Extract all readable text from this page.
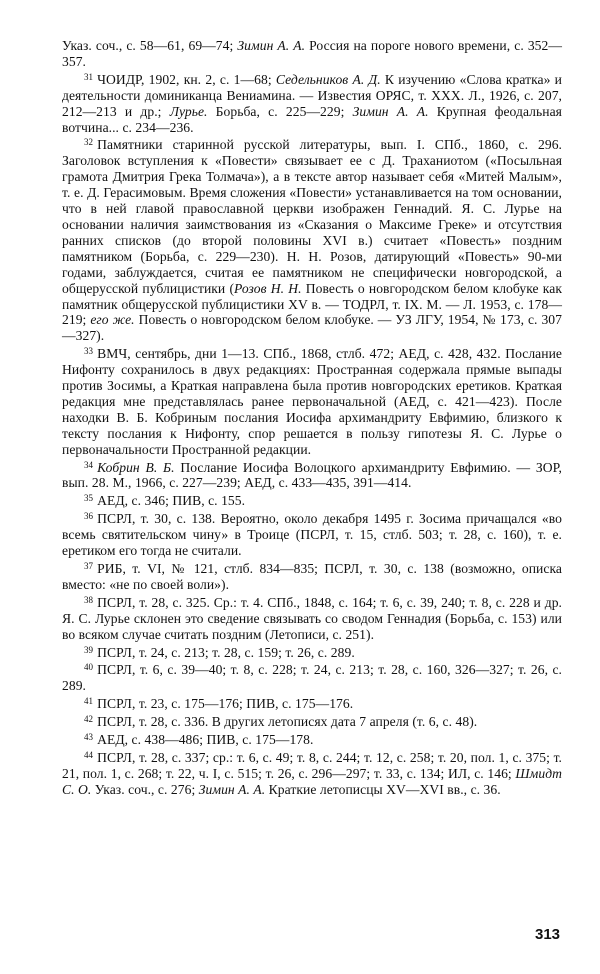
Указ. соч., с. 58—61, 69—74; Зимин А. А. Россия на пороге нового времени, с. 352—357.

$^{31}$ ЧОИДР, 1902, кн. 2, с. 1—68; Седельников А. Д. К изучению «Слова кратка» и деятельности доминиканца Вениамина. — Известия ОРЯС, т. XXX. Л., 1926, с. 207, 212—213 и др.; Лурье. Борьба, с. 225—229; Зимин А. А. Крупная феодальная вотчина... с. 234—236.

$^{32}$ Памятники старинной русской литературы, вып. I. СПб., 1860, с. 296. Заголовок вступления к «Повести» связывает ее с Д. Траханиотом («Посыльная грамота Дмитрия Грека Толмача»), а в тексте автор называет себя «Митей Малым», т. е. Д. Герасимовым. Время сложения «Повести» устанавливается на том основании, что в ней главой православной церкви изображен Геннадий. Я. С. Лурье на основании наличия заимствования из «Сказания о Максиме Греке» и отсутствия ранних списков (до второй половины XVI в.) считает «Повесть» поздним памятником (Борьба, с. 229—230). Н. Н. Розов, датирующий «Повесть» 90-ми годами, заблуждается, считая ее памятником не специфически новгородской, а общерусской публицистики (Розов Н. Н. Повесть о новгородском белом клобуке как памятник общерусской публицистики XV в. — ТОДРЛ, т. IX. М. — Л. 1953, с. 178—219; его же. Повесть о новгородском белом клобуке. — УЗ ЛГУ, 1954, № 173, с. 307—327).

$^{33}$ ВМЧ, сентябрь, дни 1—13. СПб., 1868, стлб. 472; АЕД, с. 428, 432. Послание Нифонту сохранилось в двух редакциях: Пространная содержала прямые выпады против Зосимы, а Краткая направлена была против новгородских еретиков. Краткая редакция мне представлялась ранее первоначальной (АЕД, с. 421—423). После находки В. Б. Кобриным послания Иосифа архимандриту Евфимию, близкого к тексту послания к Нифонту, спор решается в пользу гипотезы Я. С. Лурье о первоначальности Пространной редакции.

$^{34}$ Кобрин В. Б. Послание Иосифа Волоцкого архимандриту Евфимию. — ЗОР, вып. 28. М., 1966, с. 227—239; АЕД, с. 433—435, 391—414.

$^{35}$ АЕД, с. 346; ПИВ, с. 155.

$^{36}$ ПСРЛ, т. 30, с. 138. Вероятно, около декабря 1495 г. Зосима причащался «во всемь святительском чину» в Троице (ПСРЛ, т. 15, стлб. 503; т. 28, с. 160), т. е. еретиком его тогда не считали.

$^{37}$ РИБ, т. VI, № 121, стлб. 834—835; ПСРЛ, т. 30, с. 138 (возможно, описка вместо: «не по своей воли»).

$^{38}$ ПСРЛ, т. 28, с. 325. Ср.: т. 4. СПб., 1848, с. 164; т. 6, с. 39, 240; т. 8, с. 228 и др. Я. С. Лурье склонен это сведение связывать со сводом Геннадия (Борьба, с. 153) или во всяком случае считать поздним (Летописи, с. 251).

$^{39}$ ПСРЛ, т. 24, с. 213; т. 28, с. 159; т. 26, с. 289.

$^{40}$ ПСРЛ, т. 6, с. 39—40; т. 8, с. 228; т. 24, с. 213; т. 28, с. 160, 326—327; т. 26, с. 289.

$^{41}$ ПСРЛ, т. 23, с. 175—176; ПИВ, с. 175—176.

$^{42}$ ПСРЛ, т. 28, с. 336. В других летописях дата 7 апреля (т. 6, с. 48).

$^{43}$ АЕД, с. 438—486; ПИВ, с. 175—178.

$^{44}$ ПСРЛ, т. 28, с. 337; ср.: т. 6, с. 49; т. 8, с. 244; т. 12, с. 258; т. 20, пол. 1, с. 375; т. 21, пол. 1, с. 268; т. 22, ч. I, с. 515; т. 26, с. 296—297; т. 33, с. 134; ИЛ, с. 146; Шмидт С. О. Указ. соч., с. 276; Зимин А. А. Краткие летописцы XV—XVI вв., с. 36.

313
